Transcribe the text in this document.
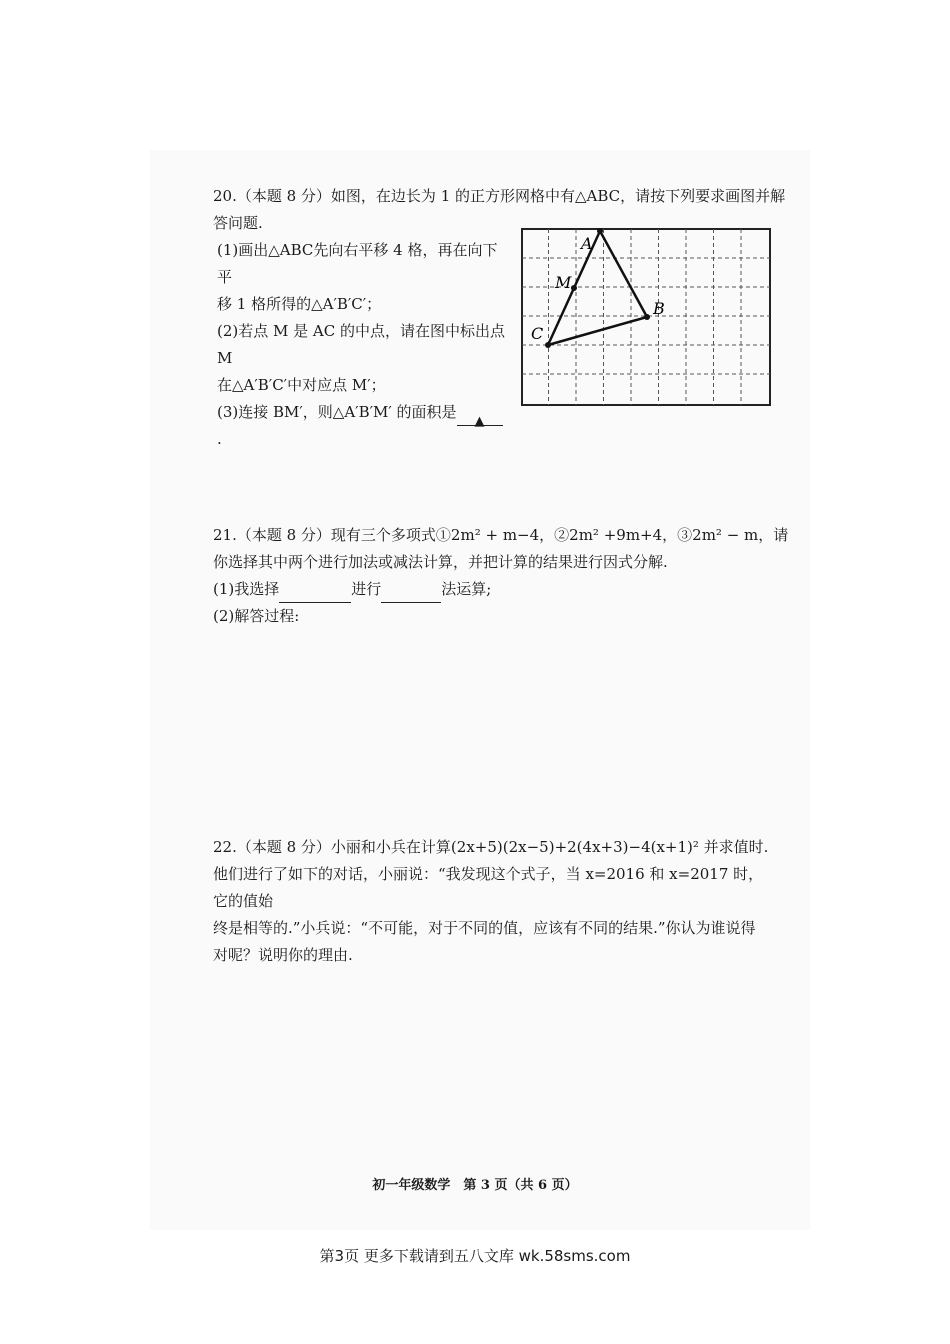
20.（本题 8 分）如图，在边长为 1 的正方形网格中有△ABC，请按下列要求画图并解

答问题.

(1)画出△ABC先向右平移 4 格，再在向下平

移 1 格所得的△A′B′C′；

(2)若点 M 是 AC 的中点，请在图中标出点 M

在△A′B′C′中对应点 M′；

(3)连接 BM′，则△A′B′M′ 的面积是▲.

A
B
C
M

21.（本题 8 分）现有三个多项式①2m² + m−4，②2m² +9m+4，③2m² − m，请

你选择其中两个进行加法或减法计算，并把计算的结果进行因式分解.

(1)我选择	进行	法运算;

(2)解答过程:

22.（本题 8 分）小丽和小兵在计算(2x+5)(2x−5)+2(4x+3)−4(x+1)² 并求值时.

他们进行了如下的对话，小丽说：“我发现这个式子，当 x=2016 和 x=2017 时，它的值始

终是相等的.”小兵说：“不可能，对于不同的值，应该有不同的结果.”你认为谁说得

对呢？说明你的理由.

初一年级数学　第 3 页（共 6 页）
第3页 更多下载请到五八文库 wk.58sms.com
